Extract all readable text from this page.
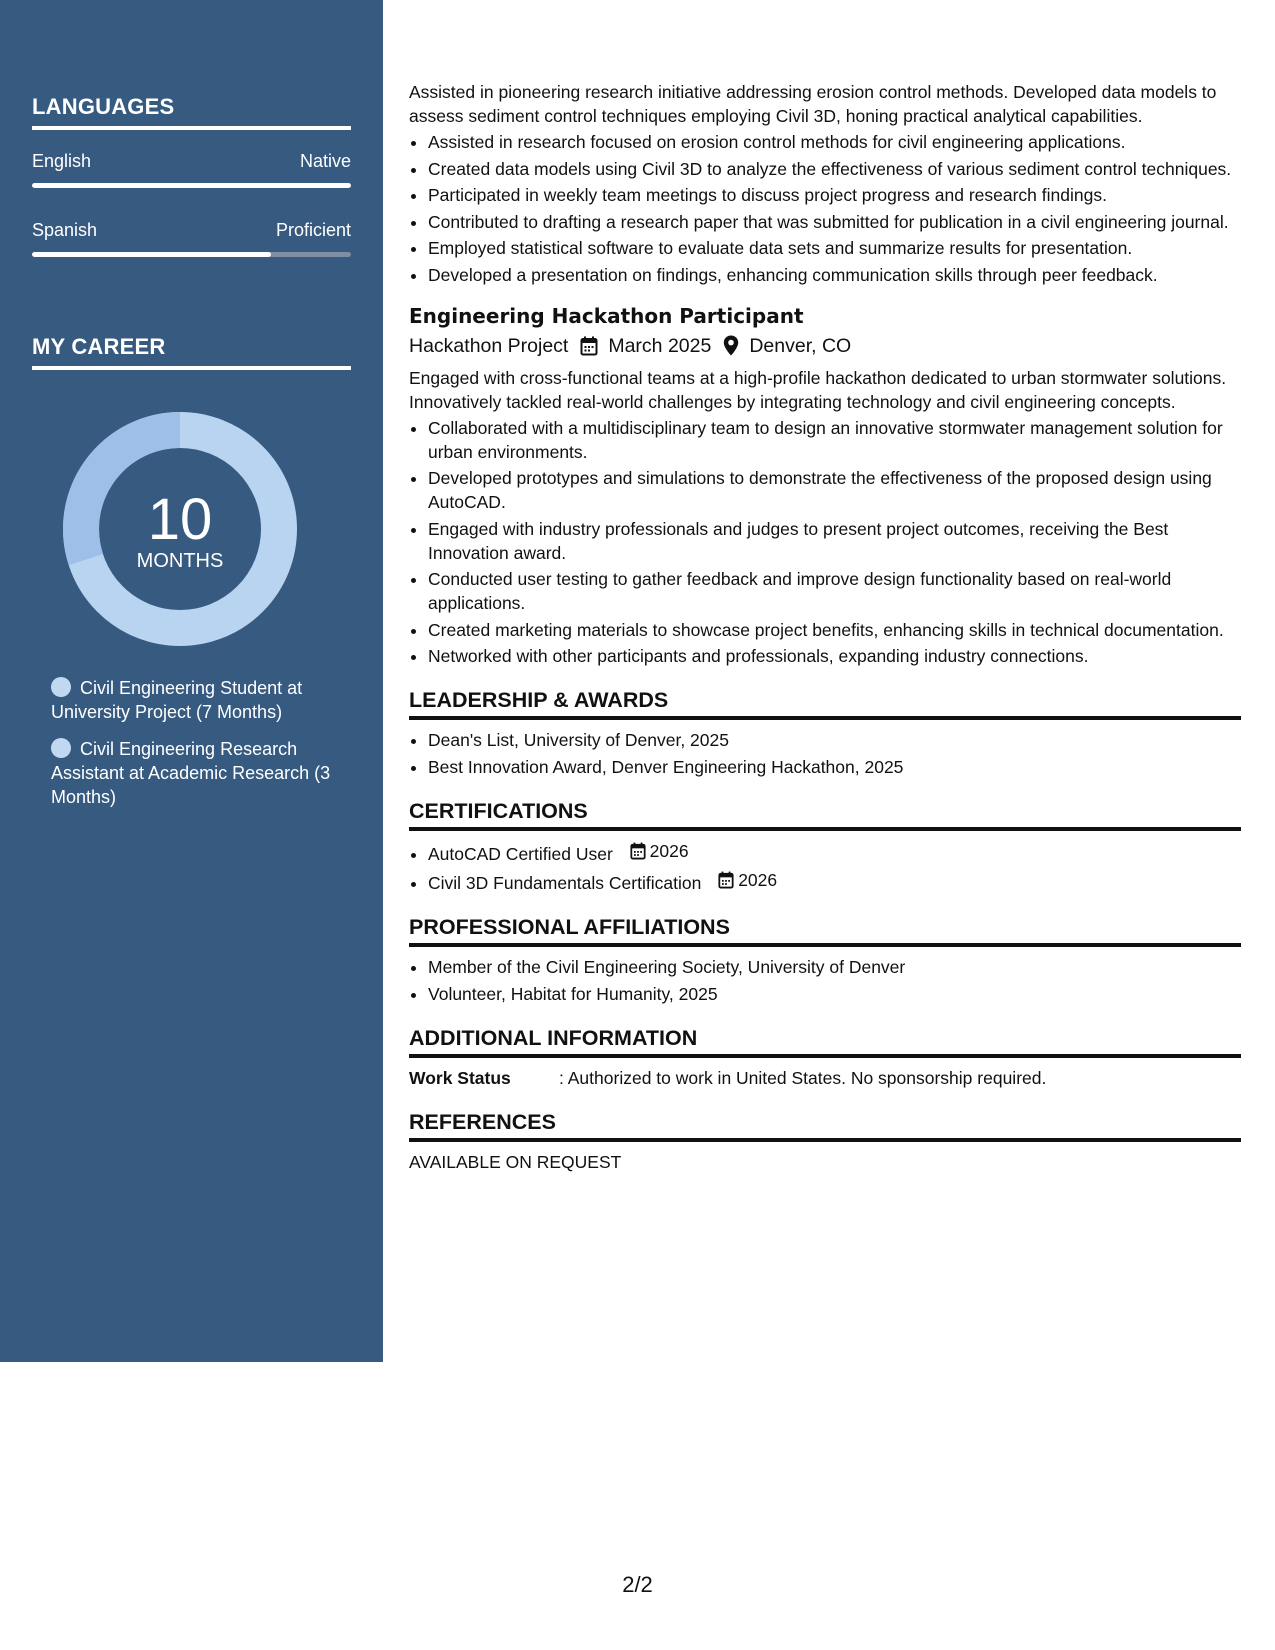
LANGUAGES
English	Native
Spanish	Proficient
MY CAREER
10
MONTHS
Civil Engineering Student at University Project (7 Months)
Civil Engineering Research Assistant at Academic Research (3 Months)

Assisted in pioneering research initiative addressing erosion control methods. Developed data models to assess sediment control techniques employing Civil 3D, honing practical analytical capabilities.

• Assisted in research focused on erosion control methods for civil engineering applications.
• Created data models using Civil 3D to analyze the effectiveness of various sediment control techniques.
• Participated in weekly team meetings to discuss project progress and research findings.
• Contributed to drafting a research paper that was submitted for publication in a civil engineering journal.
• Employed statistical software to evaluate data sets and summarize results for presentation.
• Developed a presentation on findings, enhancing communication skills through peer feedback.
Engineering Hackathon Participant
Hackathon Project March 2025 Denver, CO

Engaged with cross-functional teams at a high-profile hackathon dedicated to urban stormwater solutions. Innovatively tackled real-world challenges by integrating technology and civil engineering concepts.

• Collaborated with a multidisciplinary team to design an innovative stormwater management solution for urban environments.
• Developed prototypes and simulations to demonstrate the effectiveness of the proposed design using AutoCAD.
• Engaged with industry professionals and judges to present project outcomes, receiving the Best Innovation award.
• Conducted user testing to gather feedback and improve design functionality based on real-world applications.
• Created marketing materials to showcase project benefits, enhancing skills in technical documentation.
• Networked with other participants and professionals, expanding industry connections.
LEADERSHIP & AWARDS
• Dean's List, University of Denver, 2025
• Best Innovation Award, Denver Engineering Hackathon, 2025
CERTIFICATIONS
• AutoCAD Certified User 2026
• Civil 3D Fundamentals Certification 2026
PROFESSIONAL AFFILIATIONS
• Member of the Civil Engineering Society, University of Denver
• Volunteer, Habitat for Humanity, 2025
ADDITIONAL INFORMATION
Work Status	: Authorized to work in United States. No sponsorship required.
REFERENCES

AVAILABLE ON REQUEST

2/2
